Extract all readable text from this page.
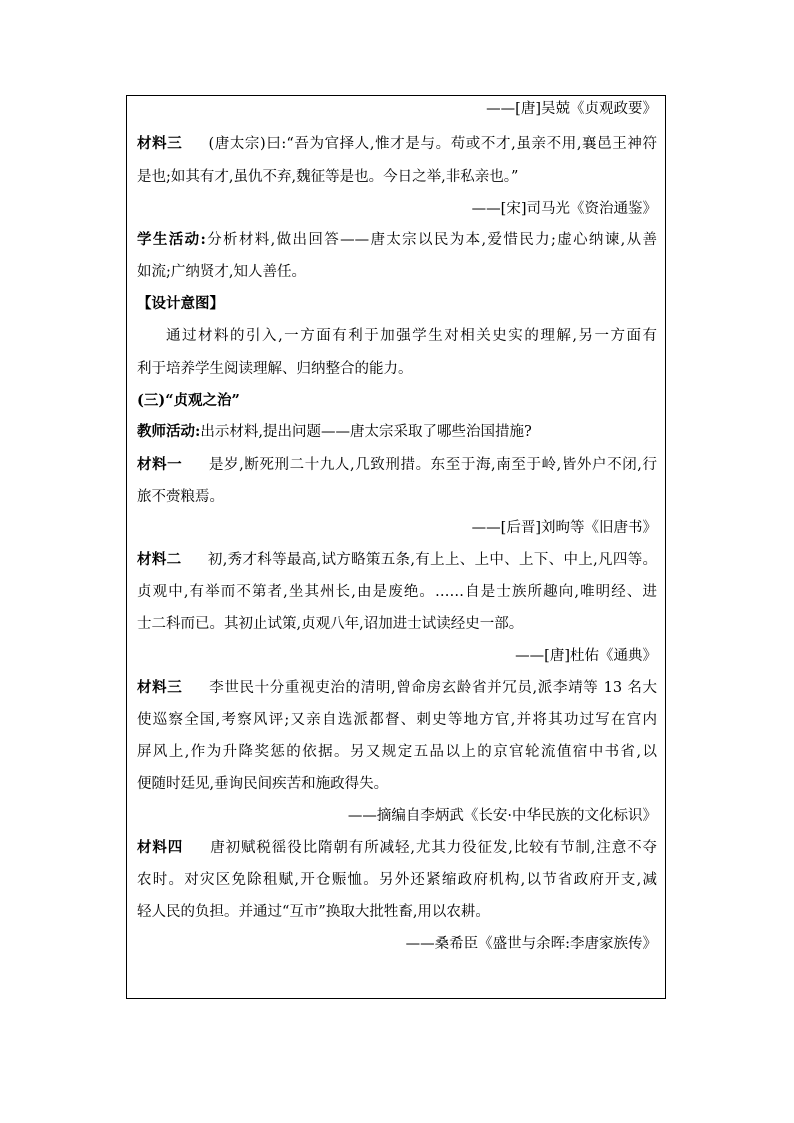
——[唐]吴兢《贞观政要》
材料三 (唐太宗)曰:“吾为官择人,惟才是与。苟或不才,虽亲不用,襄邑王神符
是也;如其有才,虽仇不弃,魏征等是也。今日之举,非私亲也。”
——[宋]司马光《资治通鉴》
学生活动:分析材料,做出回答——唐太宗以民为本,爱惜民力;虚心纳谏,从善
如流;广纳贤才,知人善任。
【设计意图】
通过材料的引入,一方面有利于加强学生对相关史实的理解,另一方面有
利于培养学生阅读理解、归纳整合的能力。
(三)“贞观之治”
教师活动:出示材料,提出问题——唐太宗采取了哪些治国措施?
材料一 是岁,断死刑二十九人,几致刑措。东至于海,南至于岭,皆外户不闭,行
旅不赍粮焉。
——[后晋]刘昫等《旧唐书》
材料二 初,秀才科等最高,试方略策五条,有上上、上中、上下、中上,凡四等。
贞观中,有举而不第者,坐其州长,由是废绝。……自是士族所趣向,唯明经、进
士二科而已。其初止试策,贞观八年,诏加进士试读经史一部。
——[唐]杜佑《通典》
材料三 李世民十分重视吏治的清明,曾命房玄龄省并冗员,派李靖等 13 名大
使巡察全国,考察风评;又亲自选派都督、刺史等地方官,并将其功过写在宫内
屏风上,作为升降奖惩的依据。另又规定五品以上的京官轮流值宿中书省,以
便随时廷见,垂询民间疾苦和施政得失。
——摘编自李炳武《长安·中华民族的文化标识》
材料四 唐初赋税徭役比隋朝有所减轻,尤其力役征发,比较有节制,注意不夺
农时。对灾区免除租赋,开仓赈恤。另外还紧缩政府机构,以节省政府开支,减
轻人民的负担。并通过“互市”换取大批牲畜,用以农耕。
——桑希臣《盛世与余晖:李唐家族传》
